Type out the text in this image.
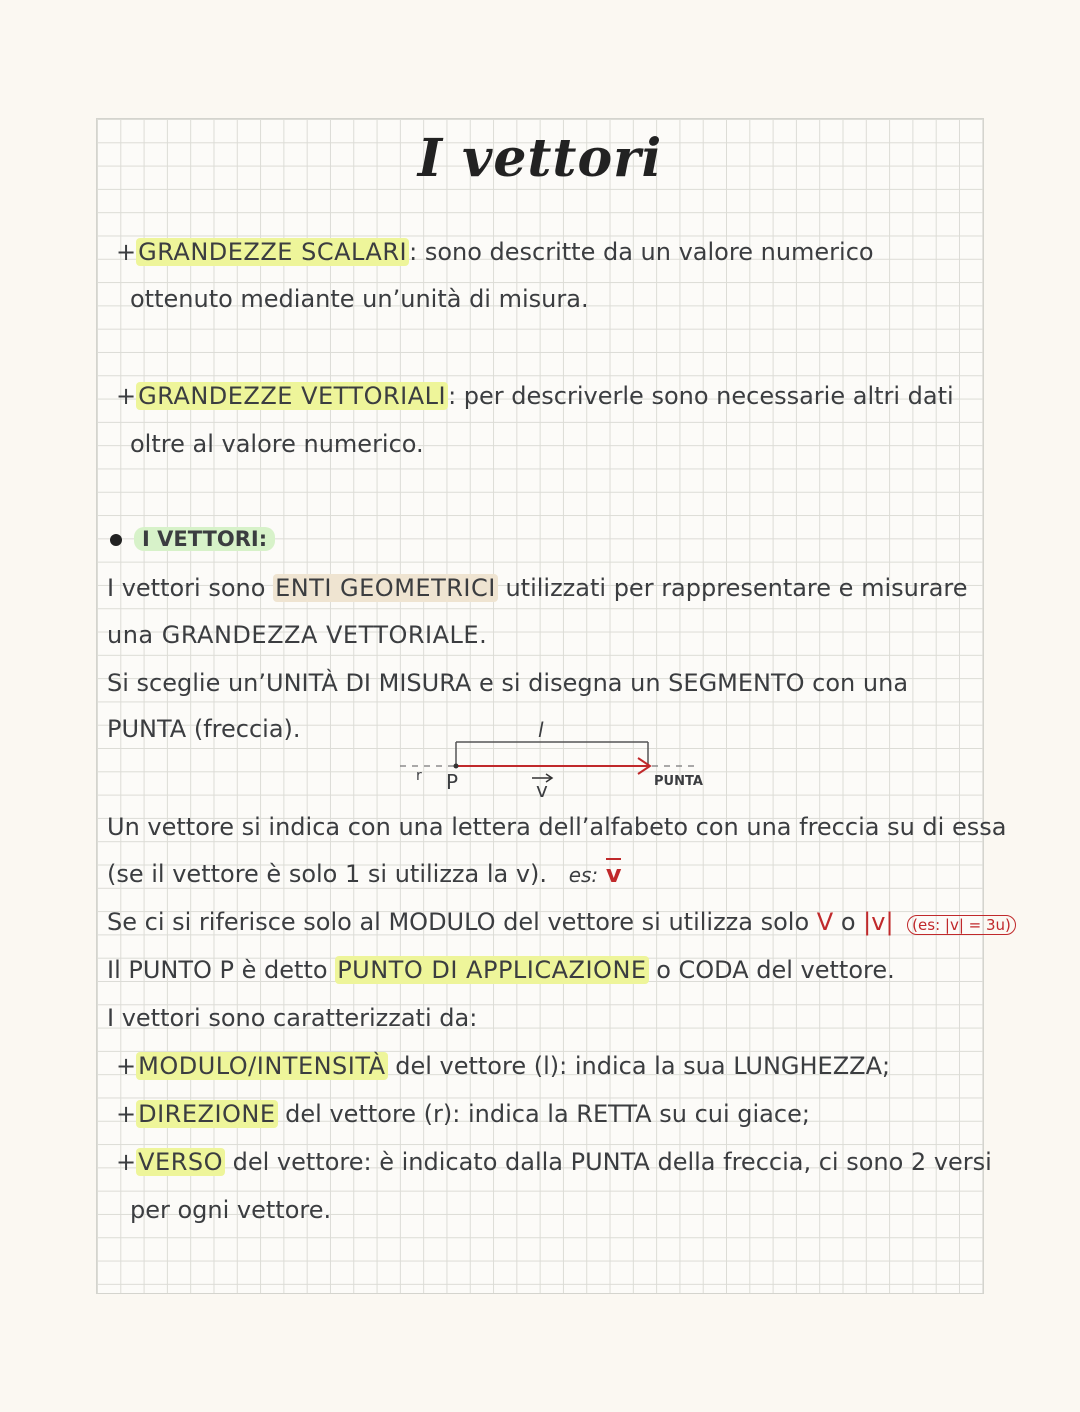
I vettori
+GRANDEZZE SCALARI: sono descritte da un valore numerico
ottenuto mediante un’unità di misura.
+GRANDEZZE VETTORIALI: per descriverle sono necessarie altri dati
oltre al valore numerico.
I VETTORI:
I vettori sono ENTI GEOMETRICI utilizzati per rappresentare e misurare
una GRANDEZZA VETTORIALE.
Si sceglie un’UNITÀ DI MISURA e si disegna un SEGMENTO con una
PUNTA (freccia).	l
r P	v	PUNTA
Un vettore si indica con una lettera dell’alfabeto con una freccia su di essa
(se il vettore è solo 1 si utilizza la v). es: v
Se ci si riferisce solo al MODULO del vettore si utilizza solo V o |v| (es: |v| = 3u)
Il PUNTO P è detto PUNTO DI APPLICAZIONE o CODA del vettore.
I vettori sono caratterizzati da:
+MODULO/INTENSITÀ del vettore (l): indica la sua LUNGHEZZA;
+DIREZIONE del vettore (r): indica la RETTA su cui giace;
+VERSO del vettore: è indicato dalla PUNTA della freccia, ci sono 2 versi
per ogni vettore.
